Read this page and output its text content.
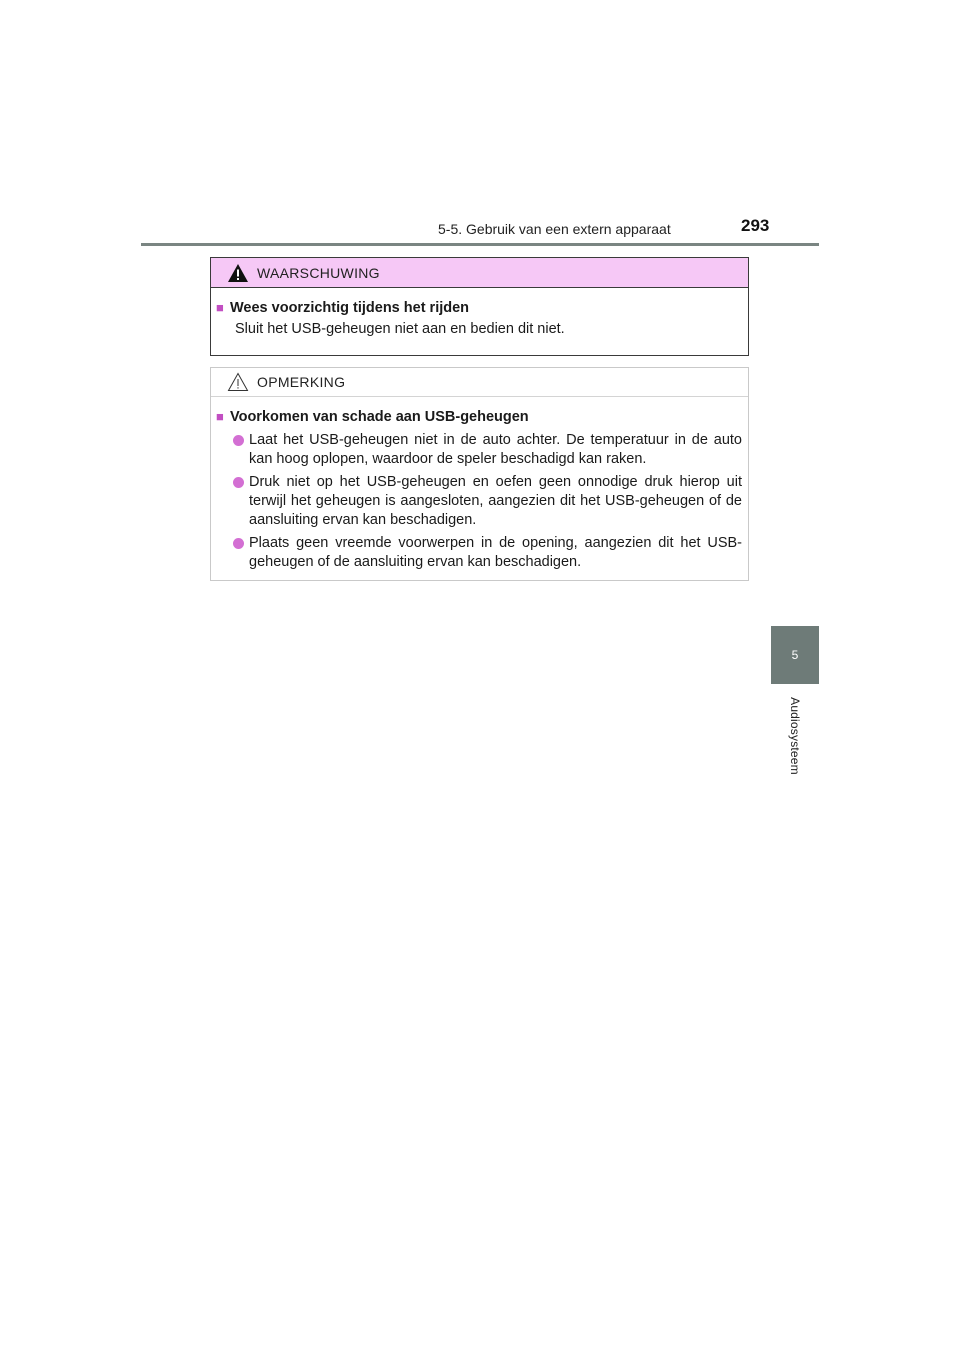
5-5. Gebruik van een extern apparaat	293
5
Audiosysteem
WAARSCHUWING
■ Wees voorzichtig tijdens het rijden
Sluit het USB-geheugen niet aan en bedien dit niet.
OPMERKING
■ Voorkomen van schade aan USB-geheugen
Laat het USB-geheugen niet in de auto achter. De temperatuur in de auto kan hoog oplopen, waardoor de speler beschadigd kan raken.
Druk niet op het USB-geheugen en oefen geen onnodige druk hierop uit terwijl het geheugen is aangesloten, aangezien dit het USB-geheugen of de aansluiting ervan kan beschadigen.
Plaats geen vreemde voorwerpen in de opening, aangezien dit het USB-geheugen of de aansluiting ervan kan beschadigen.
